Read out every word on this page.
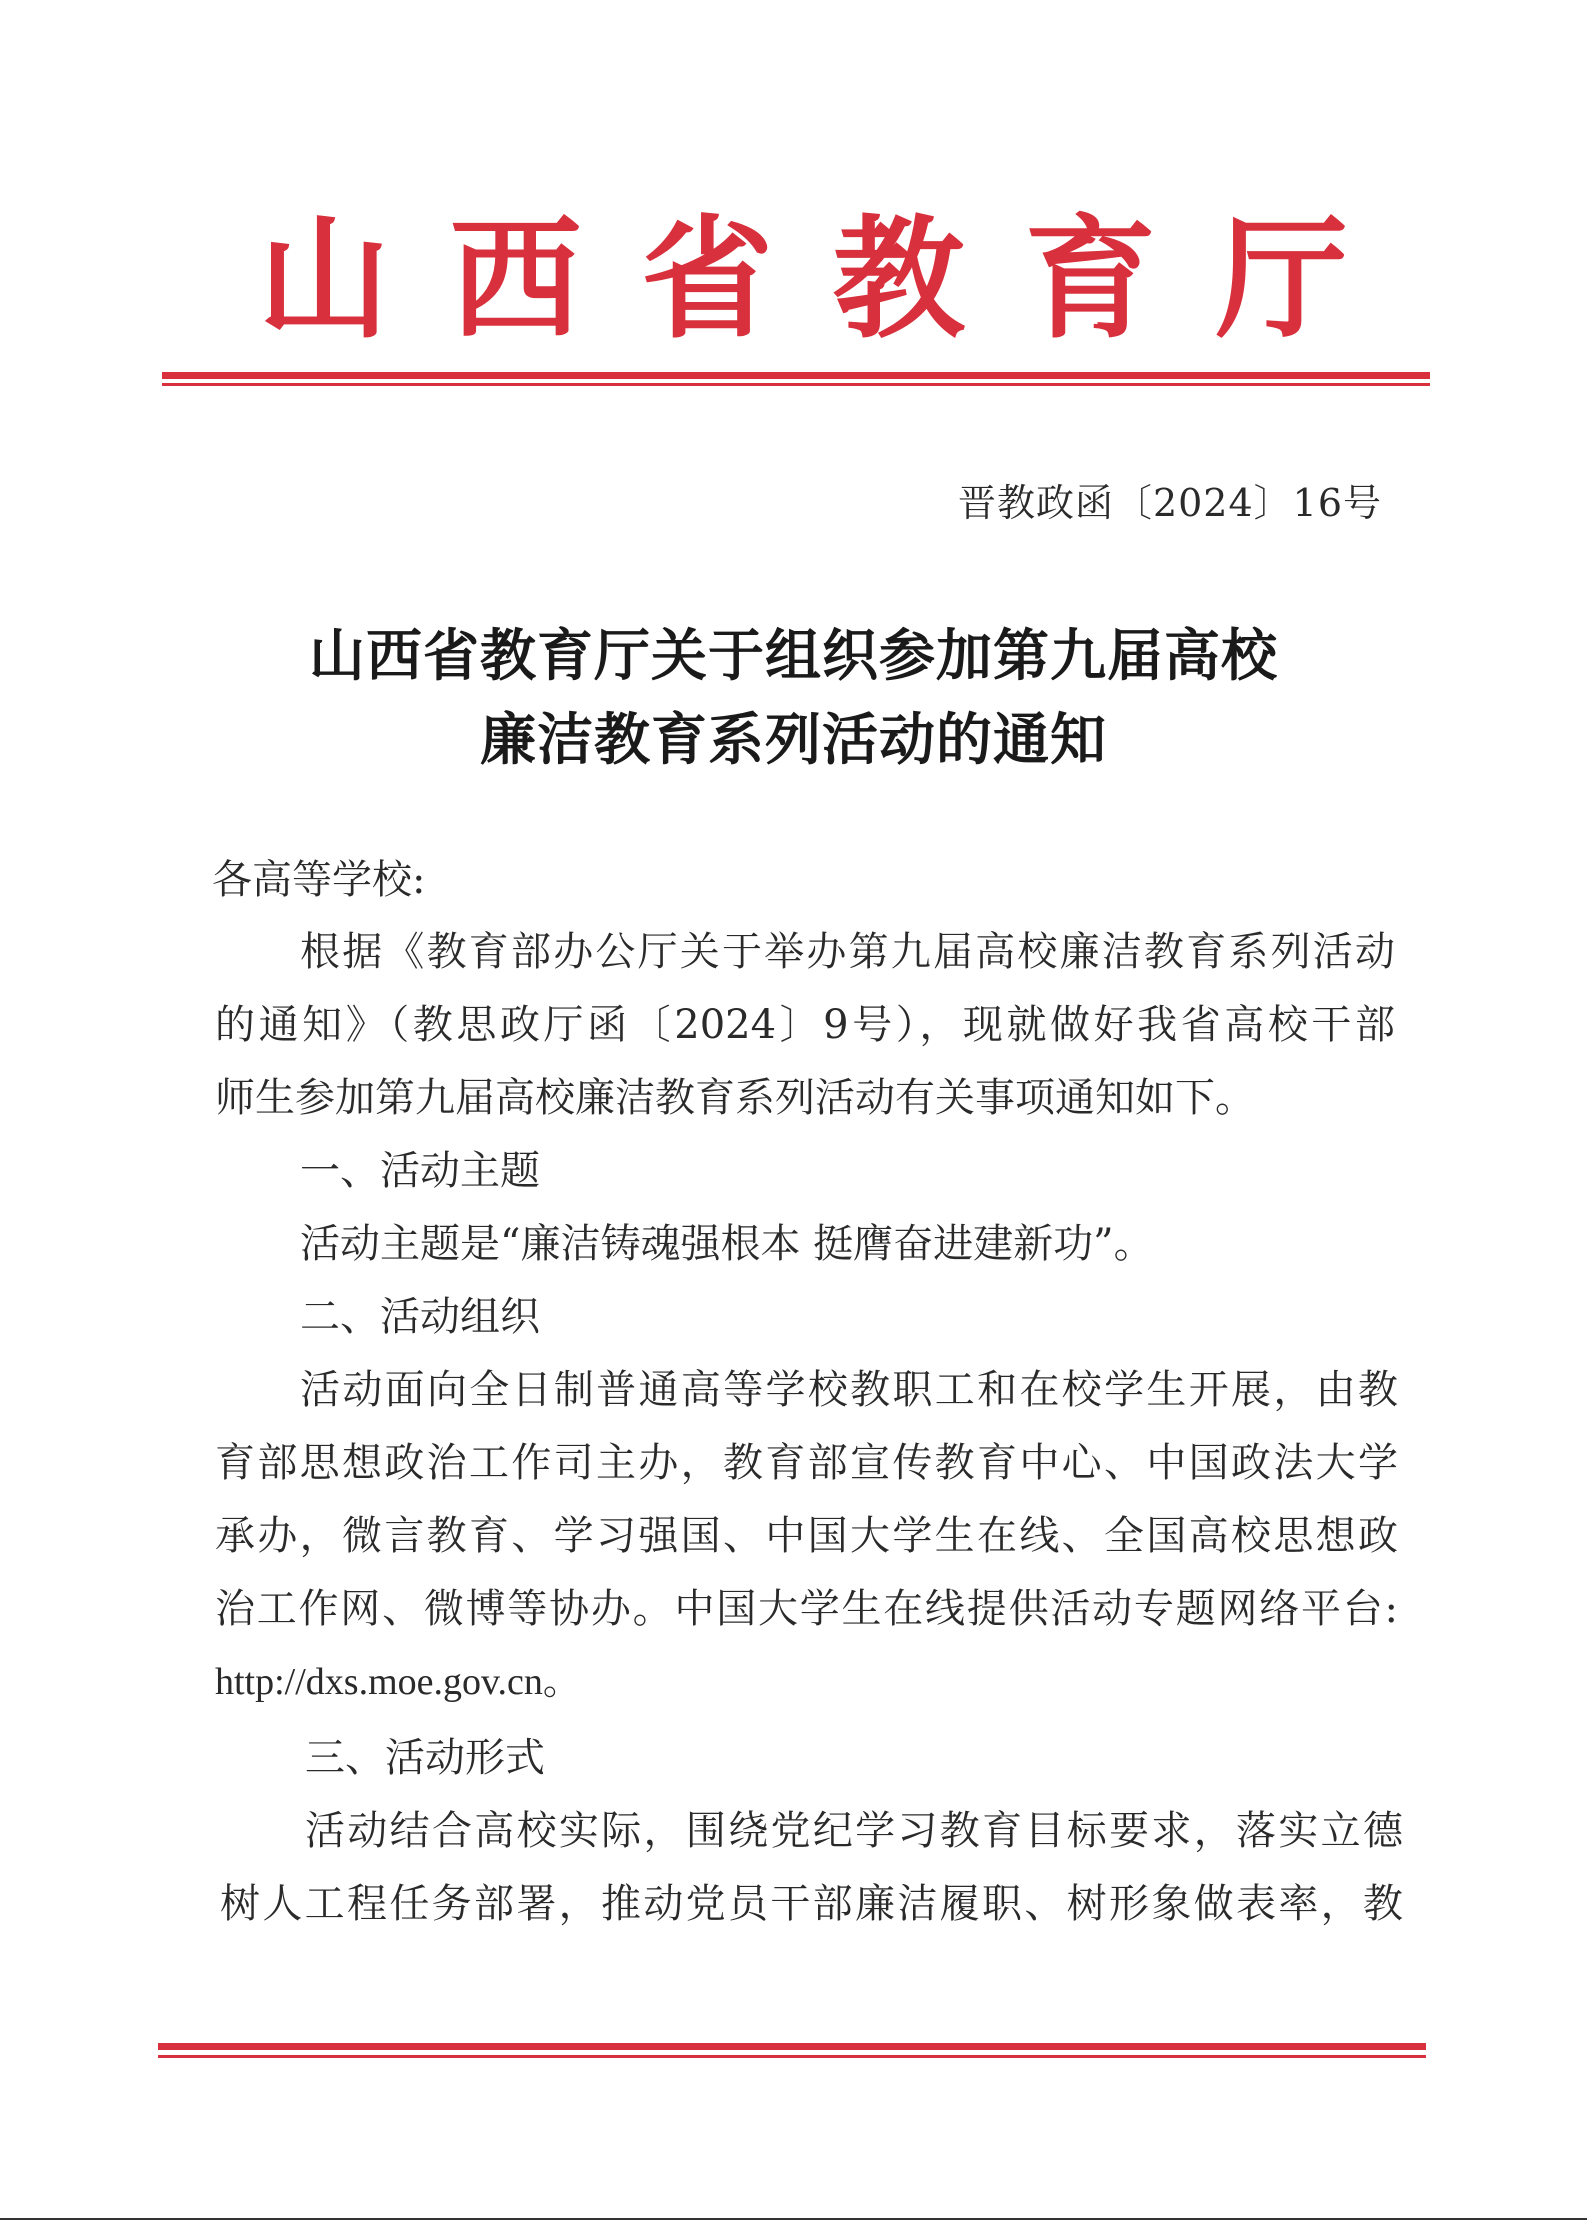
山 西 省 教 育 厅
晋教政函〔2024〕16号
山西省教育厅关于组织参加第九届高校
廉洁教育系列活动的通知
各高等学校:
根据《教育部办公厅关于举办第九届高校廉洁教育系列活动
的通知》（教思政厅函〔2024〕9号），现就做好我省高校干部
师生参加第九届高校廉洁教育系列活动有关事项通知如下。
一、活动主题
活动主题是“廉洁铸魂强根本 挺膺奋进建新功”。
二、活动组织
活动面向全日制普通高等学校教职工和在校学生开展，由教
育部思想政治工作司主办，教育部宣传教育中心、中国政法大学
承办，微言教育、学习强国、中国大学生在线、全国高校思想政
治工作网、微博等协办。中国大学生在线提供活动专题网络平台:
http://dxs.moe.gov.cn。
三、活动形式
活动结合高校实际，围绕党纪学习教育目标要求，落实立德
树人工程任务部署，推动党员干部廉洁履职、树形象做表率，教
